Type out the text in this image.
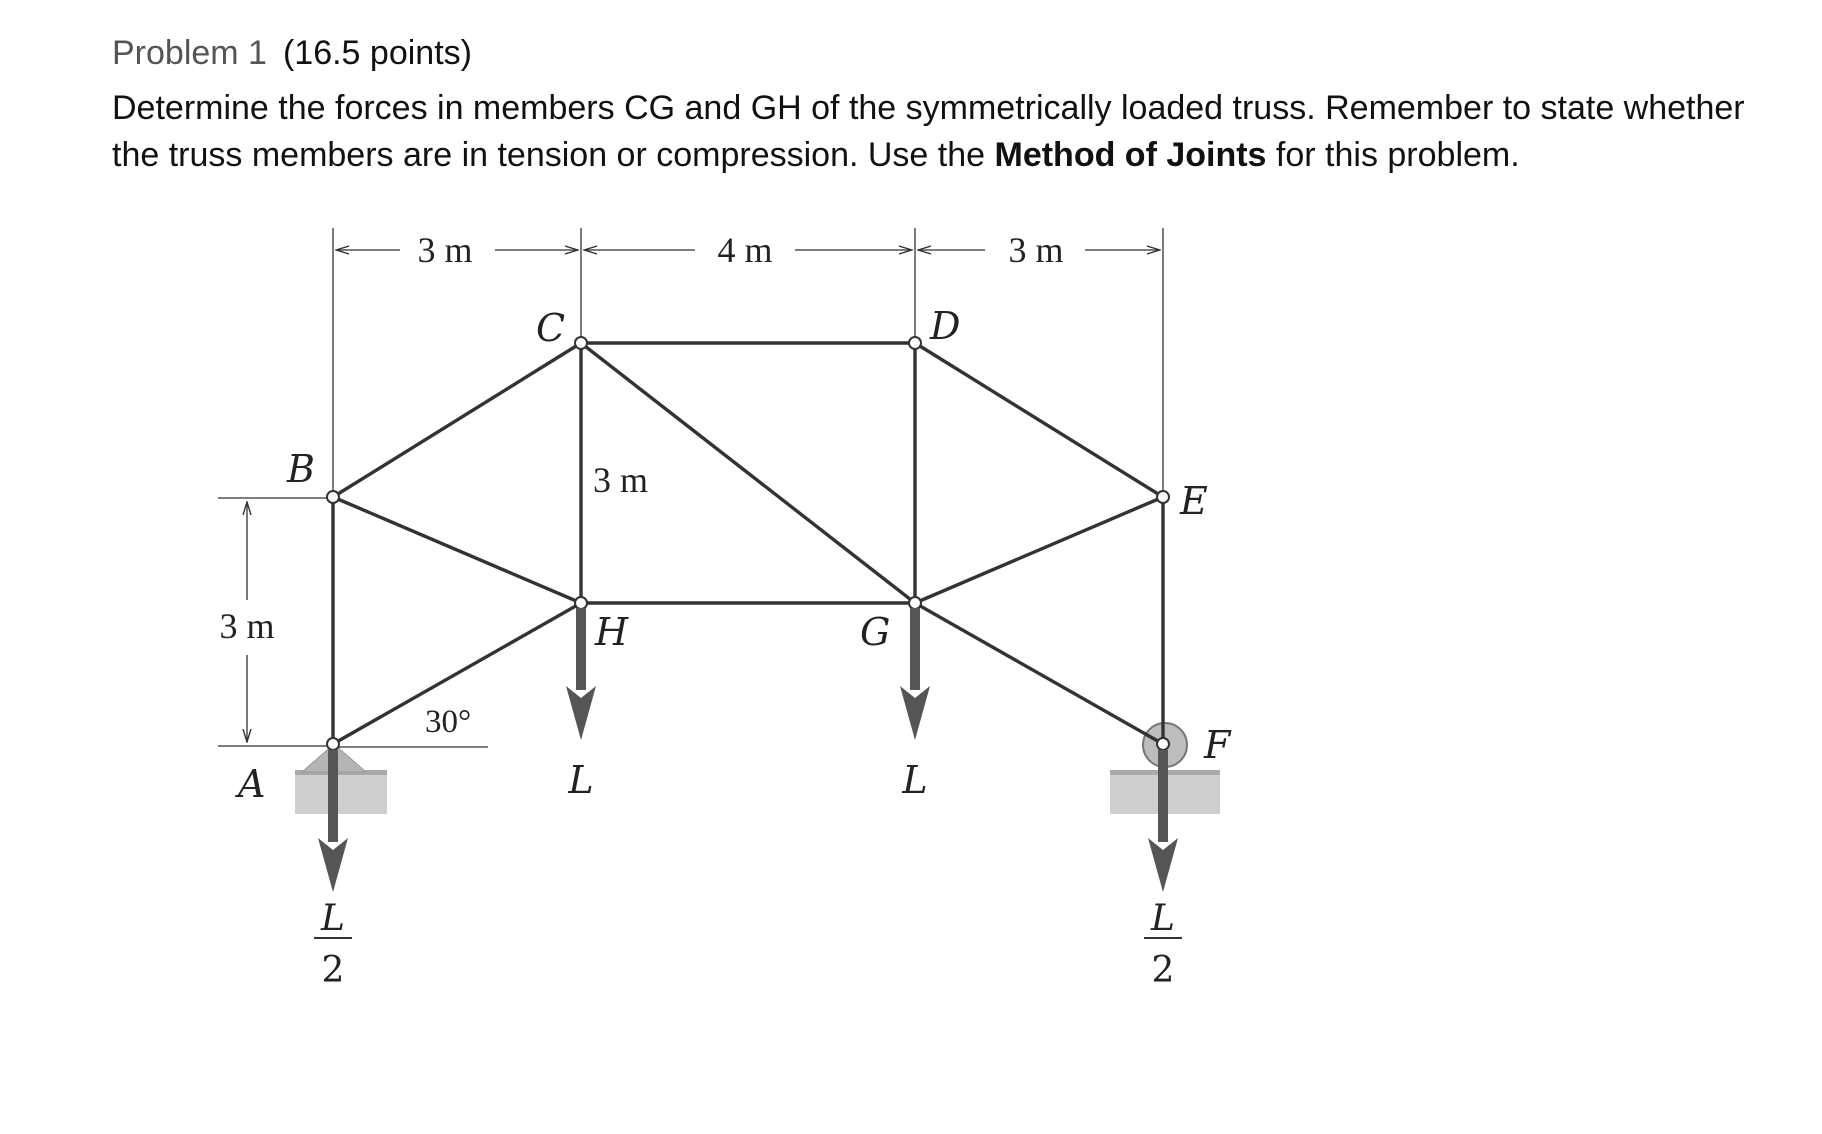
Problem 1 (16.5 points)
Determine the forces in members CG and GH of the symmetrically loaded truss. Remember to state whether the truss members are in tension or compression. Use the Method of Joints for this problem.
3 m	4 m	3 m
3 m
3 m
30°
A
B
C	D
E
F
G
H
L	L
L
2
L
2
